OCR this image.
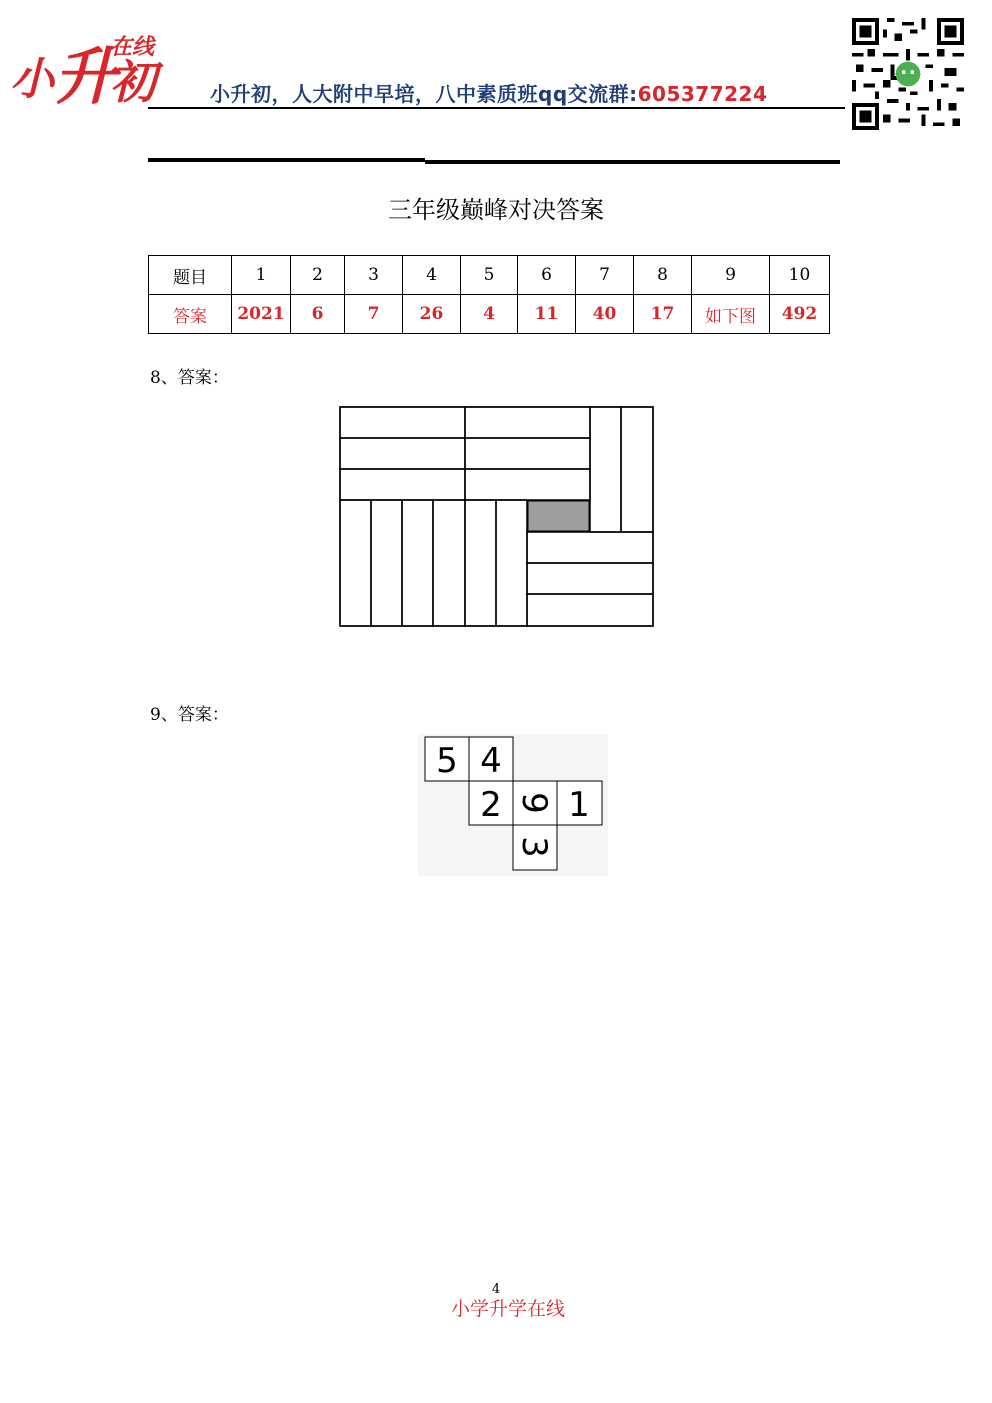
小 升
初
在线
小升初，人大附中早培，八中素质班qq交流群:605377224
三年级巅峰对决答案
题目	1	2	3	4	5	6	7	8	9	10
答案	2021	6	7	26	4	11	40	17	如下图	492
8、答案：
9、答案：
5 4
2 9 1
3
4
小学升学在线
